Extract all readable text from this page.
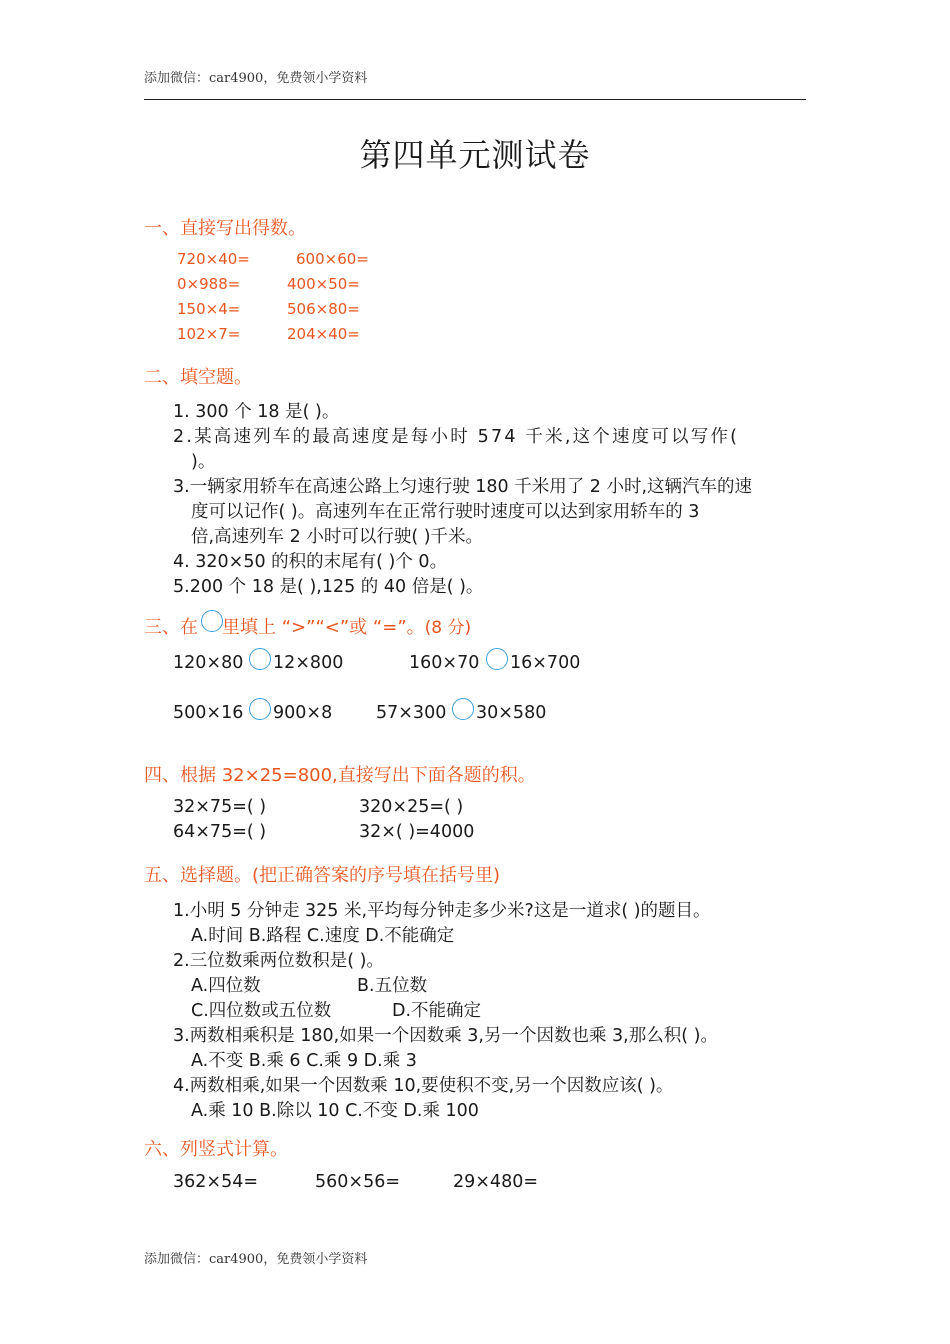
添加微信：car4900，免费领小学资料
第四单元测试卷
一、直接写出得数。
720×40=	600×60=
0×988=	400×50=
150×4=	506×80=
102×7=	204×40=
二、填空题。
1. 300 个 18 是( )。
2.某高速列车的最高速度是每小时 574 千米,这个速度可以写作(
)。
3.一辆家用轿车在高速公路上匀速行驶 180 千米用了 2 小时,这辆汽车的速
度可以记作( )。高速列车在正常行驶时速度可以达到家用轿车的 3
倍,高速列车 2 小时可以行驶( )千米。
4. 320×50 的积的末尾有( )个 0。
5.200 个 18 是( ),125 的 40 倍是( )。
三、在 里填上 “>”“<”或 “=”。(8 分)
120×80 12×800	160×70 16×700
500×16 900×8	57×300 30×580
四、根据 32×25=800,直接写出下面各题的积。
32×75=( )	320×25=( )
64×75=( )	32×( )=4000
五、选择题。(把正确答案的序号填在括号里)
1.小明 5 分钟走 325 米,平均每分钟走多少米?这是一道求( )的题目。
A.时间 B.路程 C.速度 D.不能确定
2.三位数乘两位数积是( )。
A.四位数	B.五位数
C.四位数或五位数	D.不能确定
3.两数相乘积是 180,如果一个因数乘 3,另一个因数也乘 3,那么积( )。
A.不变 B.乘 6 C.乘 9 D.乘 3
4.两数相乘,如果一个因数乘 10,要使积不变,另一个因数应该( )。
A.乘 10 B.除以 10 C.不变 D.乘 100
六、列竖式计算。
362×54=	560×56=	29×480=
添加微信：car4900，免费领小学资料
